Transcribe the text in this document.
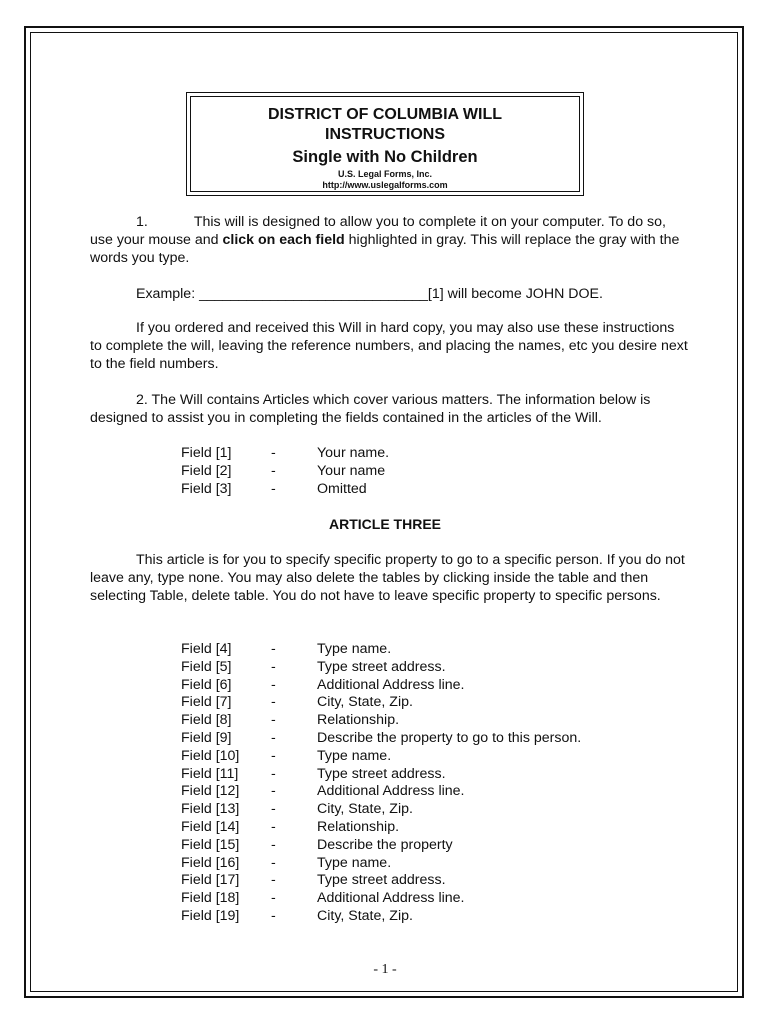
DISTRICT OF COLUMBIA WILL
INSTRUCTIONS
Single with No Children
U.S. Legal Forms, Inc.
http://www.uslegalforms.com
1.	This will is designed to allow you to complete it on your computer. To do so, use your mouse and click on each field highlighted in gray. This will replace the gray with the words you type.
Example: _____________________________[1] will become JOHN DOE.
If you ordered and received this Will in hard copy, you may also use these instructions to complete the will, leaving the reference numbers, and placing the names, etc you desire next to the field numbers.
2. The Will contains Articles which cover various matters. The information below is designed to assist you in completing the fields contained in the articles of the Will.
Field [1]	-	Your name.
Field [2]	-	Your name
Field [3]	-	Omitted
ARTICLE THREE
This article is for you to specify specific property to go to a specific person. If you do not leave any, type none. You may also delete the tables by clicking inside the table and then selecting Table, delete table. You do not have to leave specific property to specific persons.
Field [4]	-	Type name.
Field [5]	-	Type street address.
Field [6]	-	Additional Address line.
Field [7]	-	City, State, Zip.
Field [8]	-	Relationship.
Field [9]	-	Describe the property to go to this person.
Field [10]	-	Type name.
Field [11]	-	Type street address.
Field [12]	-	Additional Address line.
Field [13]	-	City, State, Zip.
Field [14]	-	Relationship.
Field [15]	-	Describe the property
Field [16]	-	Type name.
Field [17]	-	Type street address.
Field [18]	-	Additional Address line.
Field [19]	-	City, State, Zip.
- 1 -
